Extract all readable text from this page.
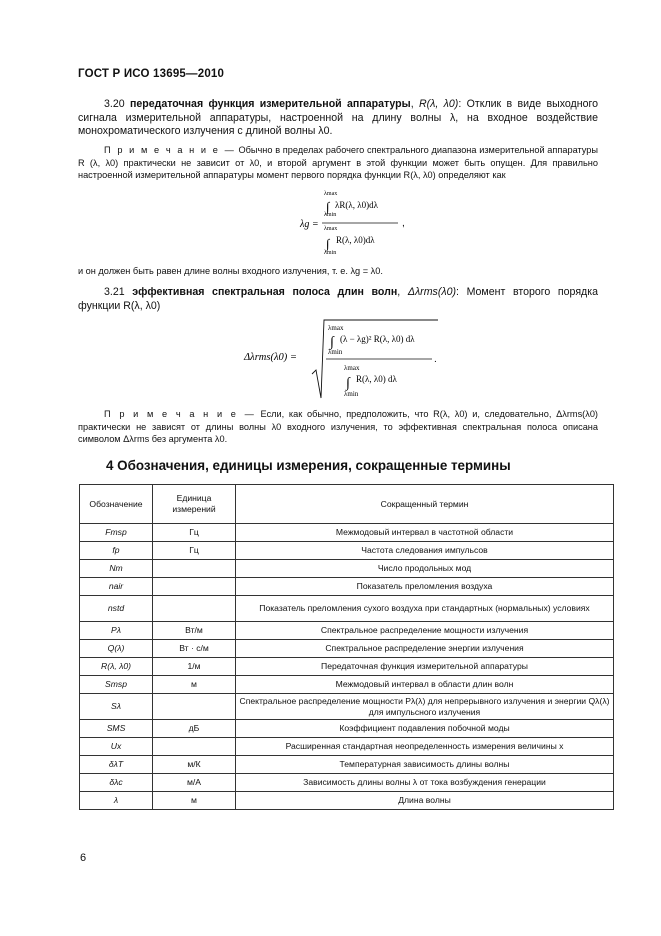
ГОСТ Р ИСО 13695—2010
3.20 передаточная функция измерительной аппаратуры, R(λ, λ0): Отклик в виде выходного сигнала измерительной аппаратуры, настроенной на длину волны λ, на входное воздействие монохроматического излучения с длиной волны λ0.
П р и м е ч а н и е — Обычно в пределах рабочего спектрального диапазона измерительной аппаратуры R (λ, λ0) практически не зависит от λ0, и второй аргумент в этой функции может быть опущен. Для правильно настроенной измерительной аппаратуры момент первого порядка функции R(λ, λ0) определяют как
λg =
λmax
λmin
∫ λR(λ, λ0)dλ
,
λmax
λmin
∫ R(λ, λ0)dλ
и он должен быть равен длине волны входного излучения, т. е. λg = λ0.
3.21 эффективная спектральная полоса длин волн, Δλrms(λ0): Момент второго порядка функции R(λ, λ0)
Δλrms(λ0) =
λmax
λmin
∫ (λ − λg)² R(λ, λ0) dλ
.
λmax
λmin
∫ R(λ, λ0) dλ
П р и м е ч а н и е — Если, как обычно, предположить, что R(λ, λ0) и, следовательно, Δλrms(λ0) практически не зависят от длины волны λ0 входного излучения, то эффективная спектральная полоса описана символом Δλrms без аргумента λ0.
4 Обозначения, единицы измерения, сокращенные термины
Обозначение	Единица измерений	Сокращенный термин
Fmsp	Гц	Межмодовый интервал в частотной области
fp	Гц	Частота следования импульсов
Nm		Число продольных мод
nair		Показатель преломления воздуха
nstd		Показатель преломления сухого воздуха при стандартных (нормальных) условиях
Pλ	Вт/м	Спектральное распределение мощности излучения
Q(λ)	Вт · с/м	Спектральное распределение энергии излучения
R(λ, λ0)	1/м	Передаточная функция измерительной аппаратуры
Smsp	м	Межмодовый интервал в области длин волн
Sλ		Спектральное распределение мощности Pλ(λ) для непрерывного излучения и энергии Qλ(λ) для импульсного излучения
SMS	дБ	Коэффициент подавления побочной моды
Ux		Расширенная стандартная неопределенность измерения величины x
δλT	м/К	Температурная зависимость длины волны
δλc	м/А	Зависимость длины волны λ от тока возбуждения генерации
λ	м	Длина волны
6
